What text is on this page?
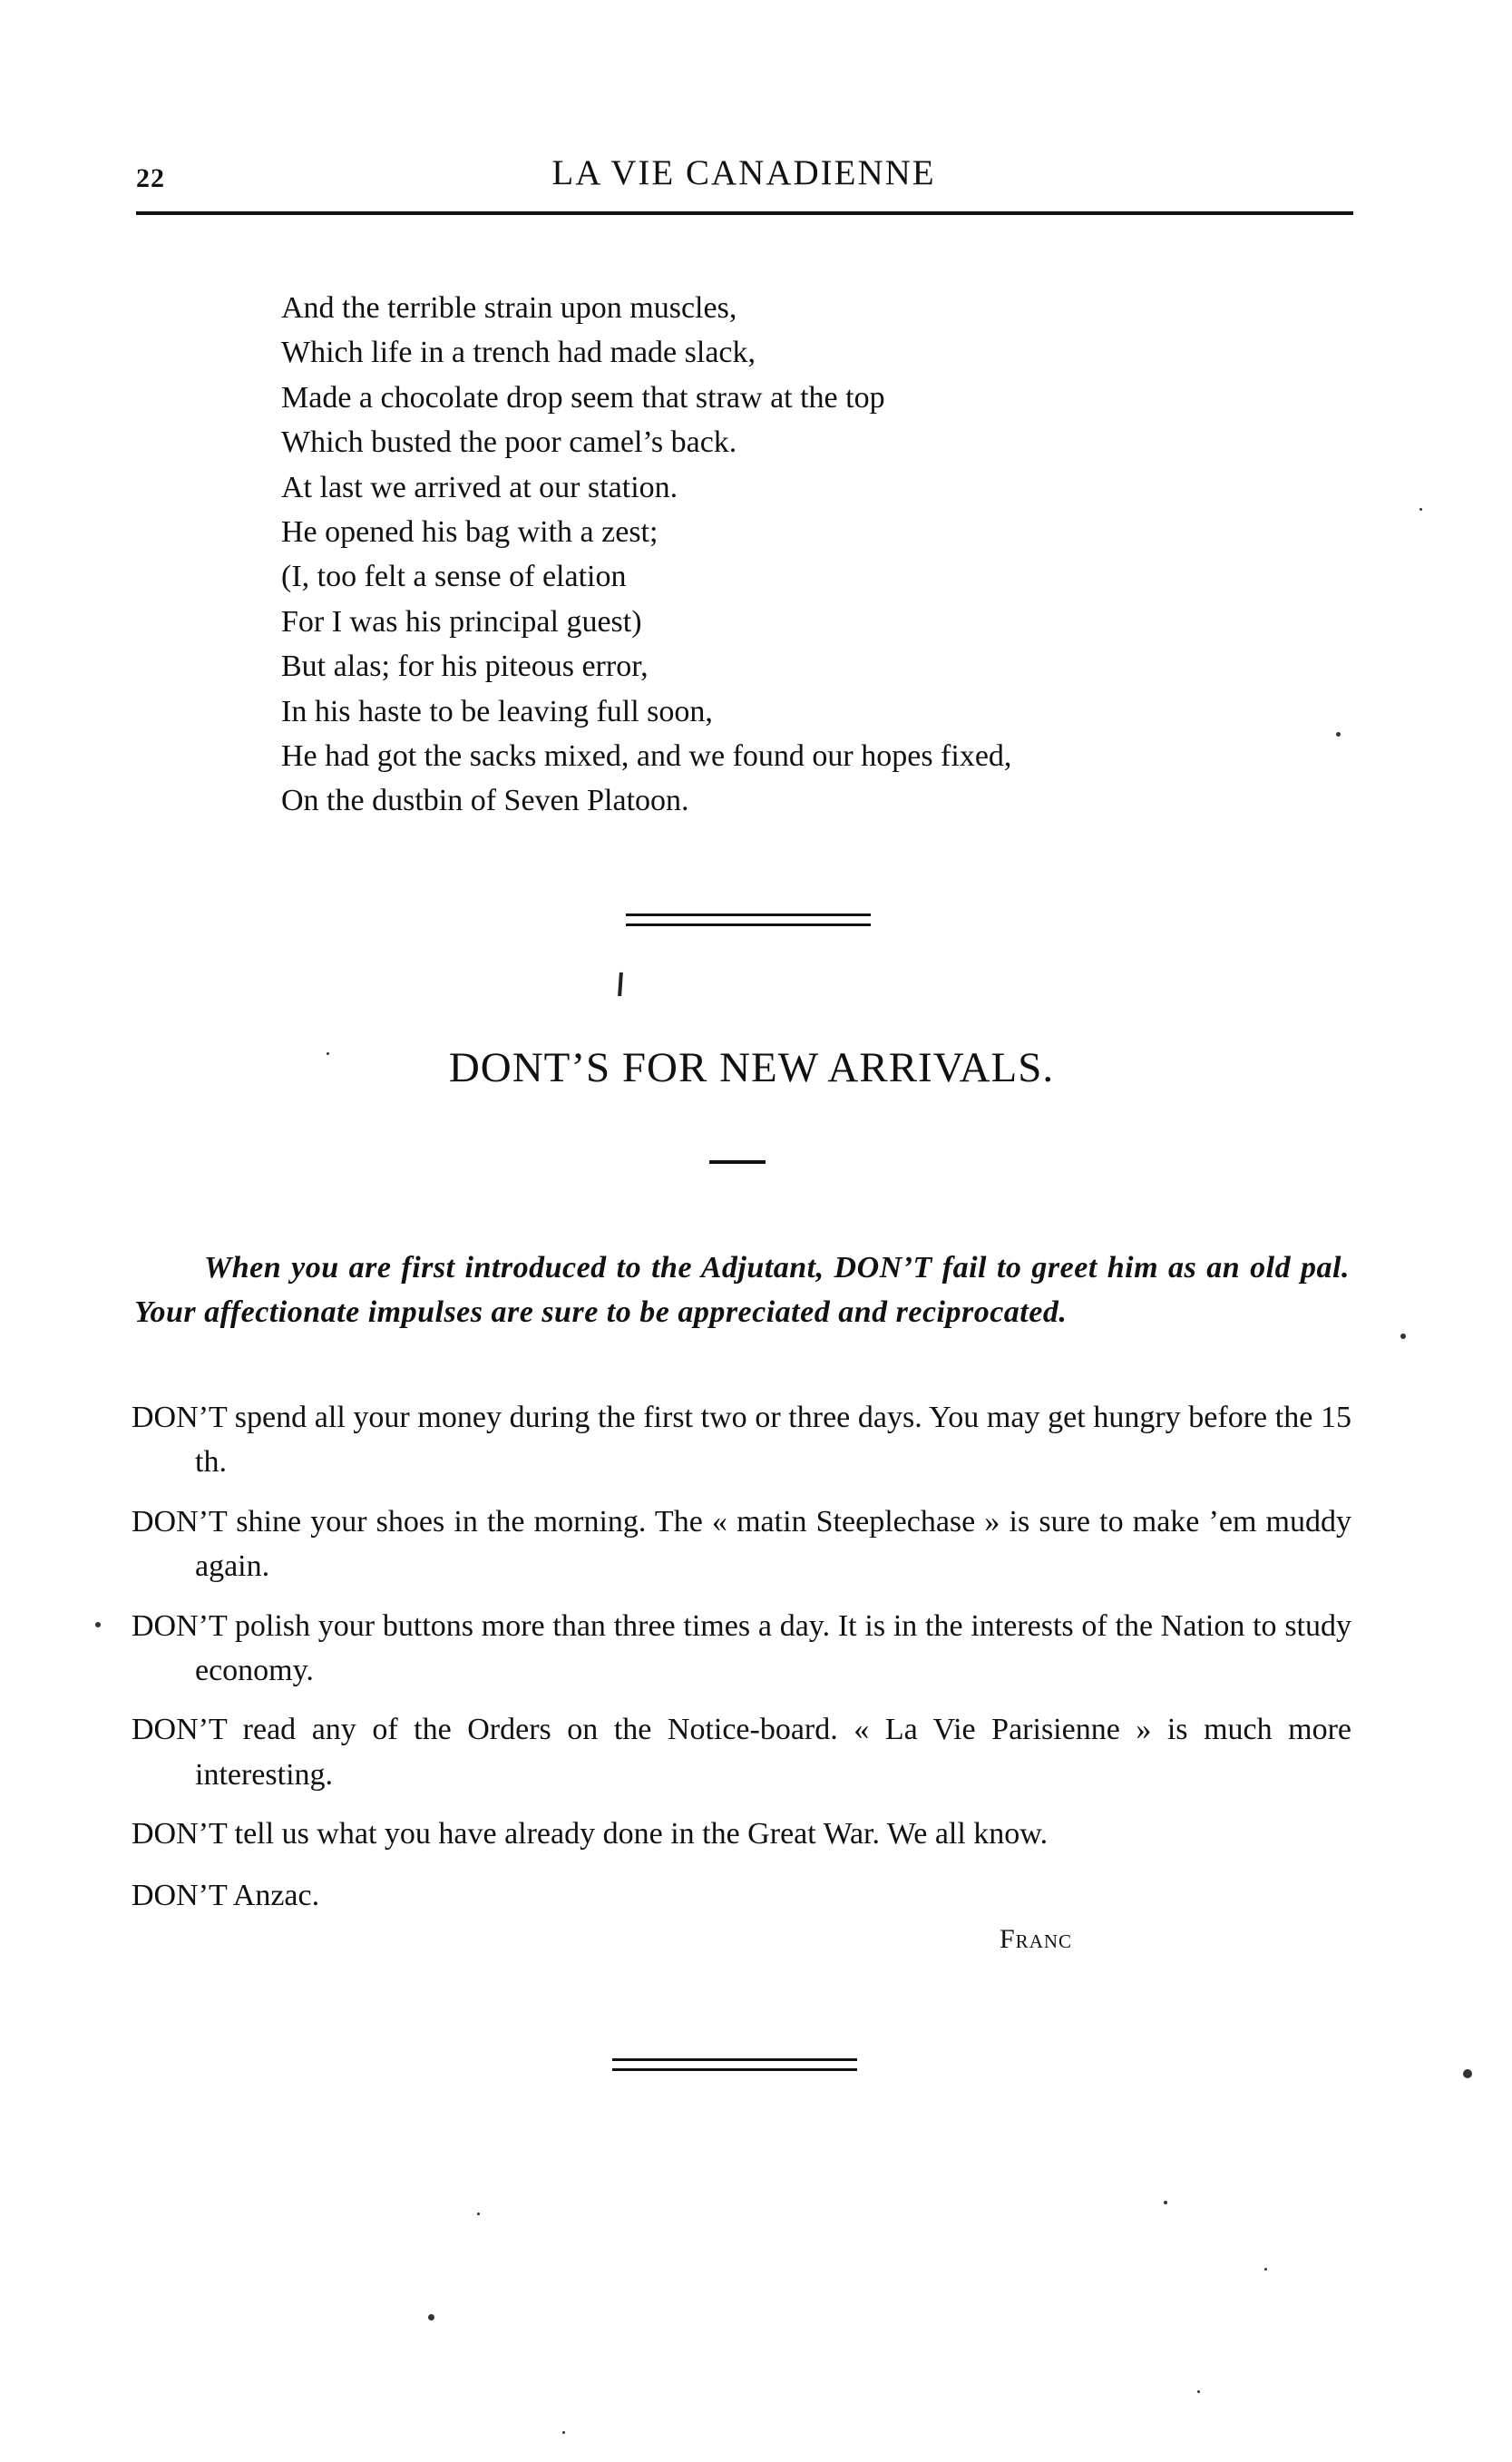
22	LA VIE CANADIENNE
And the terrible strain upon muscles,
Which life in a trench had made slack,
Made a chocolate drop seem that straw at the top
Which busted the poor camel’s back.
At last we arrived at our station.
He opened his bag with a zest;
(I, too felt a sense of elation
For I was his principal guest)
But alas; for his piteous error,
In his haste to be leaving full soon,
He had got the sacks mixed, and we found our hopes fixed,
On the dustbin of Seven Platoon.
DONT’S FOR NEW ARRIVALS.

When you are first introduced to the Adjutant, DON’T fail to greet him as an old pal. Your affectionate impulses are sure to be appreciated and reciprocated.

DON’T spend all your money during the first two or three days. You may get hungry before the 15 th.
DON’T shine your shoes in the morning. The « matin Steeplechase » is sure to make ’em muddy again.
DON’T polish your buttons more than three times a day. It is in the interests of the Nation to study economy.
DON’T read any of the Orders on the Notice-board. « La Vie Parisienne » is much more interesting.
DON’T tell us what you have already done in the Great War. We all know.
DON’T Anzac.
Franc
